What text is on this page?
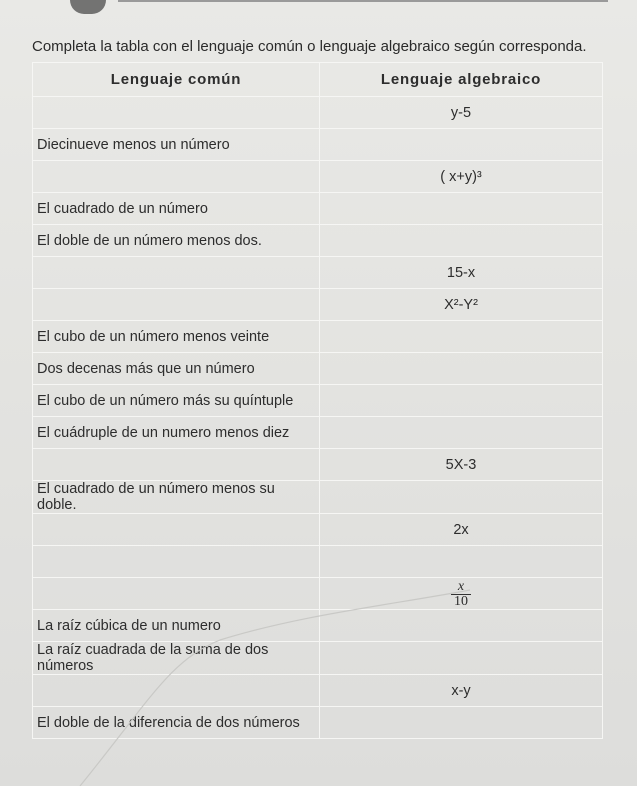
Completa la tabla con el lenguaje común o lenguaje algebraico según corresponda.
Lenguaje común	Lenguaje algebraico
	y-5
Diecinueve menos un número	
	( x+y)³
El cuadrado de un número	
El doble de un número menos dos.	
	15-x
	X²-Y²
El cubo de un número menos veinte	
Dos decenas más que un número	
El cubo de un número más su quíntuple	
El cuádruple de un numero menos diez	
	5X-3
El cuadrado de un número menos su doble.	
	2x

	$\frac{x}{10}$

La raíz cúbica de un numero	
La raíz cuadrada de la suma de dos números	
	x-y
El doble de la diferencia de dos números	
